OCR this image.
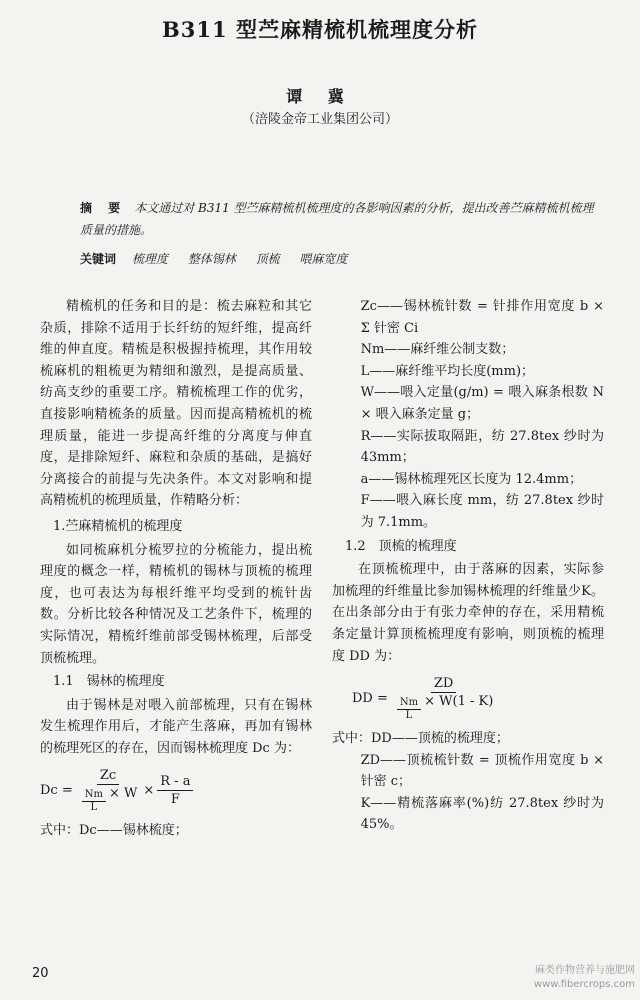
B311 型苎麻精梳机梳理度分析
谭 冀
（涪陵金帝工业集团公司）
摘 要 本文通过对 B311 型苎麻精梳机梳理度的各影响因素的分析，提出改善苎麻精梳机梳理质量的措施。
关键词 梳理度 整体锡林 顶梳 喂麻宽度

精梳机的任务和目的是：梳去麻粒和其它杂质，排除不适用于长纤纺的短纤维，提高纤维的伸直度。精梳是积极握持梳理，其作用较梳麻机的粗梳更为精细和激烈，是提高质量、纺高支纱的重要工序。精梳梳理工作的优劣，直接影响精梳条的质量。因而提高精梳机的梳理质量，能进一步提高纤维的分离度与伸直度，是排除短纤、麻粒和杂质的基础，是搞好分离接合的前提与先决条件。本文对影响和提高精梳机的梳理质量，作精略分析：

1.苎麻精梳机的梳理度

如同梳麻机分梳罗拉的分梳能力，提出梳理度的概念一样，精梳机的锡林与顶梳的梳理度，也可表达为每根纤维平均受到的梳针齿数。分析比较各种情况及工艺条件下，梳理的实际情况，精梳纤维前部受锡林梳理，后部受顶梳梳理。

1.1　锡林的梳理度

由于锡林是对喂入前部梳理，只有在锡林发生梳理作用后，才能产生落麻，再加有锡林的梳理死区的存在，因而锡林梳理度 Dc 为：

$Dc = \frac{Zc}{\frac{Nm}{L} \times W} \times \frac{R - a}{F}$

式中：Dc——锡林梳度；

Zc——锡林梳针数 = 针排作用宽度 b × Σ 针密 Ci

Nm——麻纤维公制支数；

L——麻纤维平均长度(mm)；

W——喂入定量(g/m) = 喂入麻条根数 N × 喂入麻条定量 g；

R——实际拔取隔距，纺 27.8tex 纱时为 43mm；

a——锡林梳理死区长度为 12.4mm；

F——喂入麻长度 mm，纺 27.8tex 纱时为 7.1mm。

1.2　顶梳的梳理度

在顶梳梳理中，由于落麻的因素，实际参加梳理的纤维量比参加锡林梳理的纤维量少K。在出条部分由于有张力牵伸的存在，采用精梳条定量计算顶梳梳理度有影响，则顶梳的梳理度 DD 为：

DD = $\frac{ZD}{\frac{Nm}{L} \times W(1 - K)}$

式中：DD——顶梳的梳理度；

ZD——顶梳梳针数 = 顶梳作用宽度 b × 针密 c；

K——精梳落麻率(%)纺 27.8tex 纱时为 45%。

20	麻类作物营养与施肥网
www.fibercrops.com
